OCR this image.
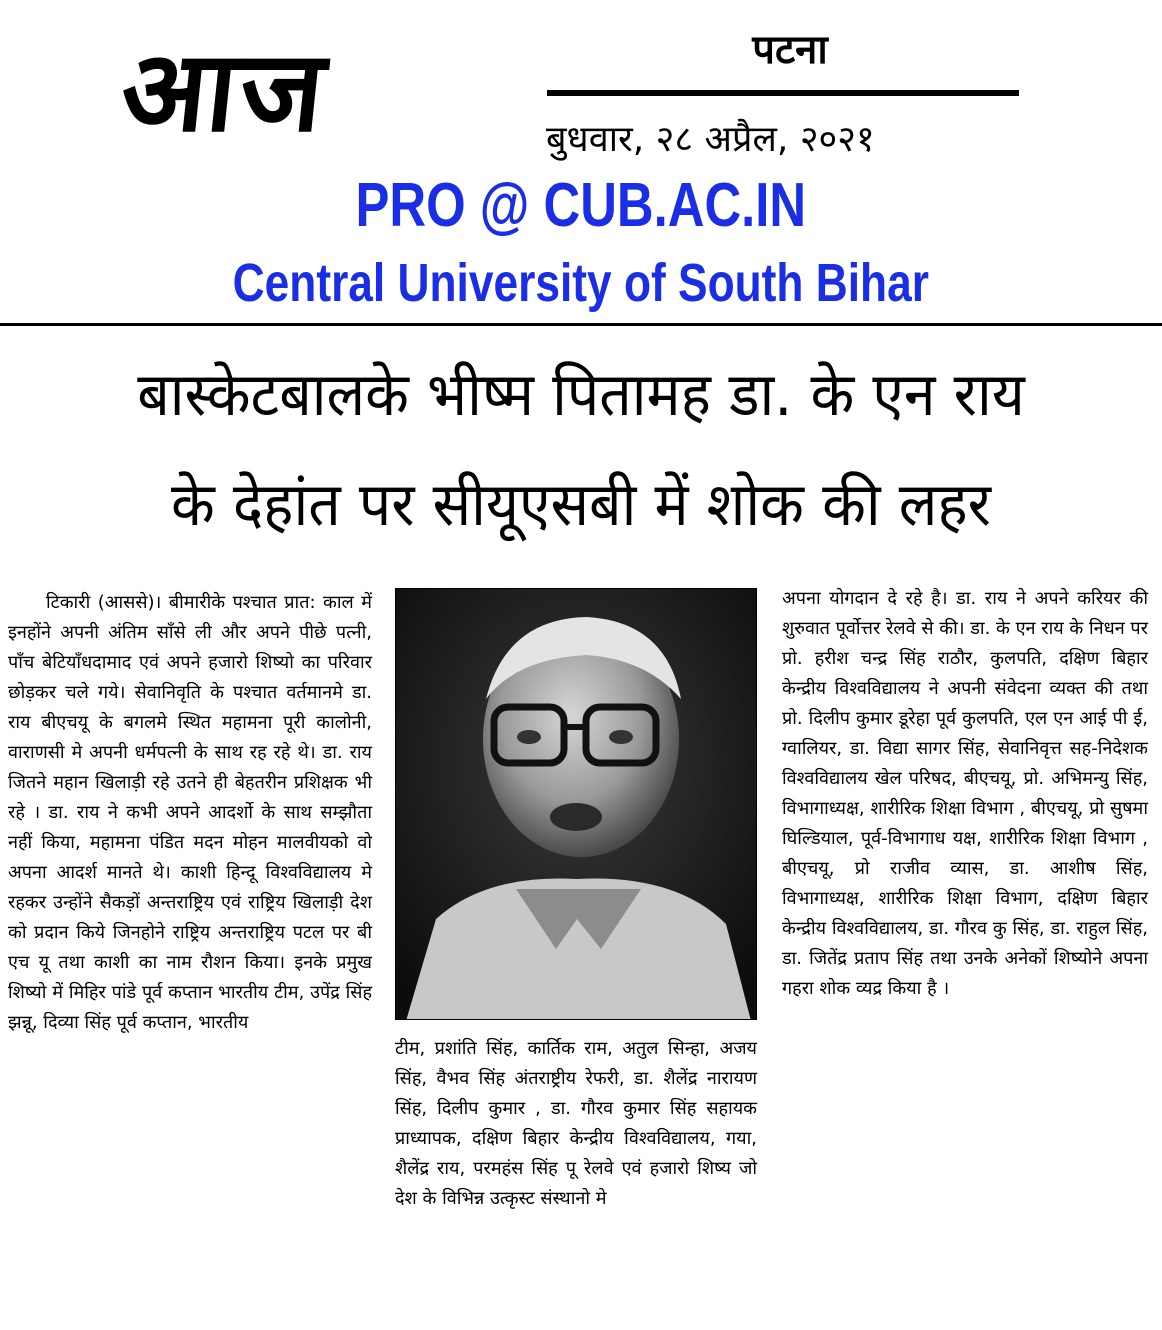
आज	पटना
बुधवार, २८ अप्रैल, २०२१
PRO @ CUB.AC.IN
Central University of South Bihar
बास्केटबालके भीष्म पितामह डा. के एन राय
के देहांत पर सीयूएसबी में शोक की लहर

टिकारी (आससे)। बीमारीके पश्चात प्रात: काल में इनहोंने अपनी अंतिम साँसे ली और अपने पीछे पत्नी, पाँच बेटियाँधदामाद एवं अपने हजारो शिष्यो का परिवार छोड़कर चले गये। सेवानिवृति के पश्चात वर्तमानमे डा. राय बीएचयू के बगलमे स्थित महामना पूरी कालोनी, वाराणसी मे अपनी धर्मपत्नी के साथ रह रहे थे। डा. राय जितने महान खिलाड़ी रहे उतने ही बेहतरीन प्रशिक्षक भी रहे । डा. राय ने कभी अपने आदर्शो के साथ सम्झौता नहीं किया, महामना पंडित मदन मोहन मालवीयको वो अपना आदर्श मानते थे। काशी हिन्दू विश्वविद्यालय मे रहकर उन्होंने सैकड़ों अन्तराष्ट्रिय एवं राष्ट्रिय खिलाड़ी देश को प्रदान किये जिनहोने राष्ट्रिय अन्तराष्ट्रिय पटल पर बी एच यू तथा काशी का नाम रौशन किया। इनके प्रमुख शिष्यो में मिहिर पांडे पूर्व कप्तान भारतीय टीम, उपेंद्र सिंह झन्नू, दिव्या सिंह पूर्व कप्तान, भारतीय

टीम, प्रशांति सिंह, कार्तिक राम, अतुल सिन्हा, अजय सिंह, वैभव सिंह अंतराष्ट्रीय रेफरी, डा. शैलेंद्र नारायण सिंह, दिलीप कुमार , डा. गौरव कुमार सिंह सहायक प्राध्यापक, दक्षिण बिहार केन्द्रीय विश्वविद्यालय, गया, शैलेंद्र राय, परमहंस सिंह पू रेलवे एवं हजारो शिष्य जो देश के विभिन्न उत्कृस्ट संस्थानो मे

अपना योगदान दे रहे है। डा. राय ने अपने करियर की शुरुवात पूर्वोत्तर रेलवे से की। डा. के एन राय के निधन पर प्रो. हरीश चन्द्र सिंह राठौर, कुलपति, दक्षिण बिहार केन्द्रीय विश्वविद्यालय ने अपनी संवेदना व्यक्त की तथा प्रो. दिलीप कुमार डूरेहा पूर्व कुलपति, एल एन आई पी ई, ग्वालियर, डा. विद्या सागर सिंह, सेवानिवृत्त सह-निदेशक विश्वविद्यालय खेल परिषद, बीएचयू, प्रो. अभिमन्यु सिंह, विभागाध्यक्ष, शारीरिक शिक्षा विभाग , बीएचयू, प्रो सुषमा घिल्डियाल, पूर्व-विभागाध यक्ष, शारीरिक शिक्षा विभाग , बीएचयू, प्रो राजीव व्यास, डा. आशीष सिंह, विभागाध्यक्ष, शारीरिक शिक्षा विभाग, दक्षिण बिहार केन्द्रीय विश्वविद्यालय, डा. गौरव कु सिंह, डा. राहुल सिंह, डा. जितेंद्र प्रताप सिंह तथा उनके अनेकों शिष्योने अपना गहरा शोक व्यद्र किया है ।
